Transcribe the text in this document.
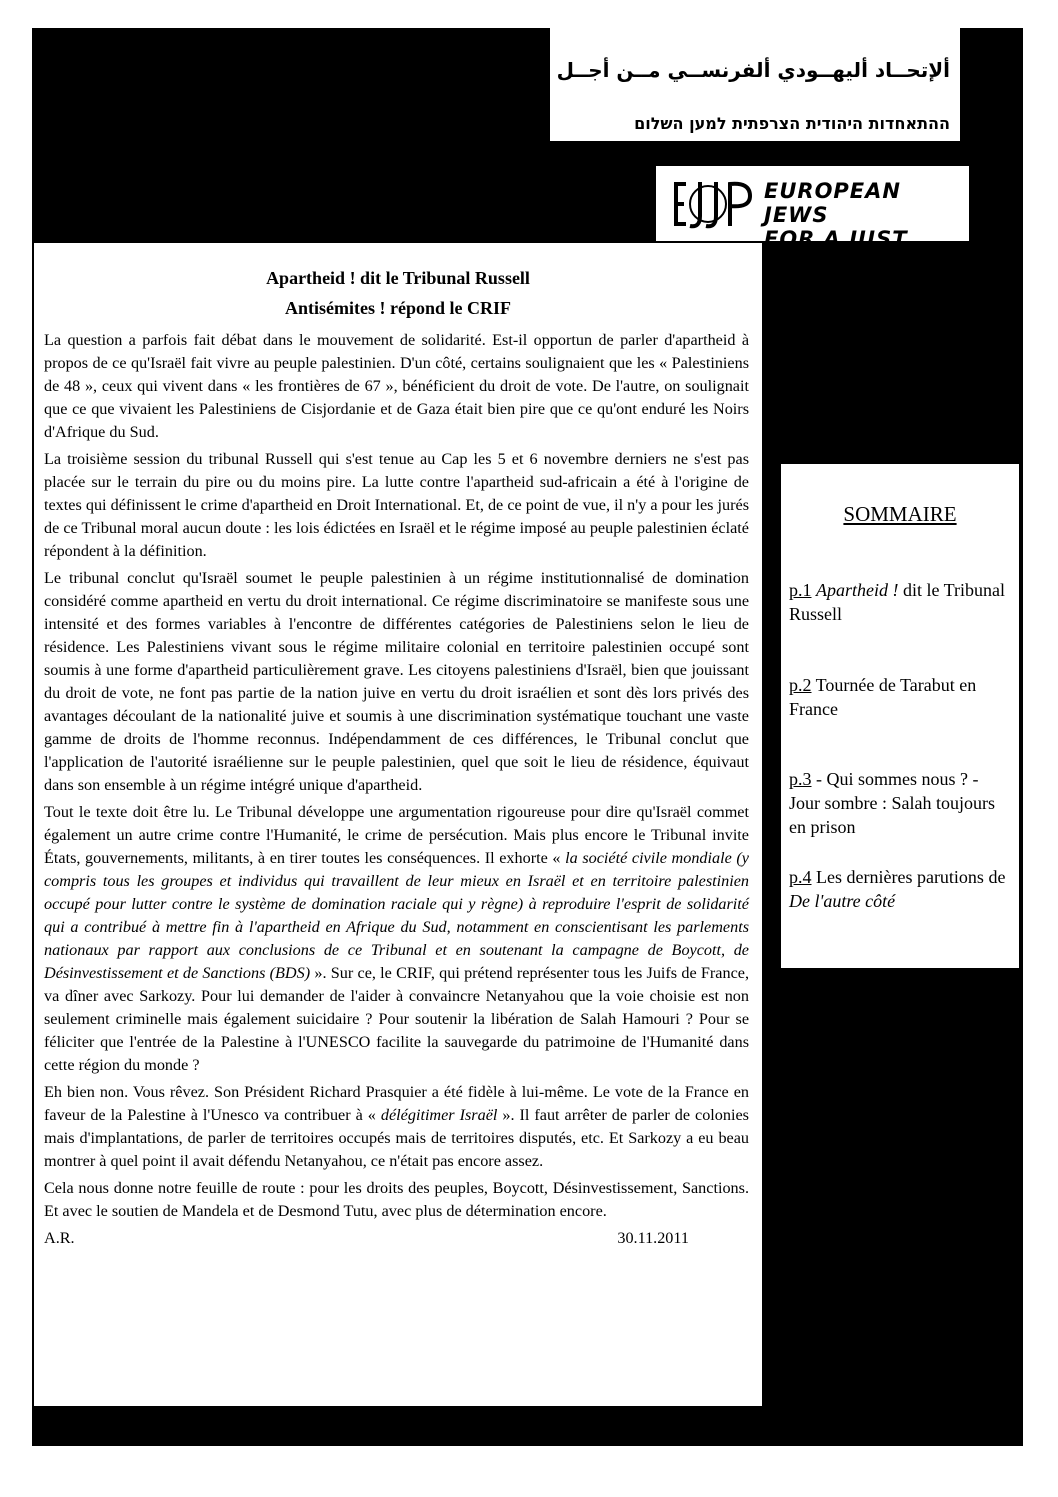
ألإتحــاد أليهــودي ألفرنســي مــن أجــل الســلام
ההתאחדות היהודית הצרפתית למען השלום
EUROPEAN JEWS
FOR A JUST PEACE
Apartheid ! dit le Tribunal Russell
Antisémites ! répond le CRIF

La question a parfois fait débat dans le mouvement de solidarité. Est-il opportun de parler d'apartheid à propos de ce qu'Israël fait vivre au peuple palestinien. D'un côté, certains soulignaient que les « Palestiniens de 48 », ceux qui vivent dans « les frontières de 67 », bénéficient du droit de vote. De l'autre, on soulignait que ce que vivaient les Palestiniens de Cisjordanie et de Gaza était bien pire que ce qu'ont enduré les Noirs d'Afrique du Sud.

La troisième session du tribunal Russell qui s'est tenue au Cap les 5 et 6 novembre derniers ne s'est pas placée sur le terrain du pire ou du moins pire. La lutte contre l'apartheid sud-africain a été à l'origine de textes qui définissent le crime d'apartheid en Droit International. Et, de ce point de vue, il n'y a pour les jurés de ce Tribunal moral aucun doute : les lois édictées en Israël et le régime imposé au peuple palestinien éclaté répondent à la définition.

Le tribunal conclut qu'Israël soumet le peuple palestinien à un régime institutionnalisé de domination considéré comme apartheid en vertu du droit international. Ce régime discriminatoire se manifeste sous une intensité et des formes variables à l'encontre de différentes catégories de Palestiniens selon le lieu de résidence. Les Palestiniens vivant sous le régime militaire colonial en territoire palestinien occupé sont soumis à une forme d'apartheid particulièrement grave. Les citoyens palestiniens d'Israël, bien que jouissant du droit de vote, ne font pas partie de la nation juive en vertu du droit israélien et sont dès lors privés des avantages découlant de la nationalité juive et soumis à une discrimination systématique touchant une vaste gamme de droits de l'homme reconnus. Indépendamment de ces différences, le Tribunal conclut que l'application de l'autorité israélienne sur le peuple palestinien, quel que soit le lieu de résidence, équivaut dans son ensemble à un régime intégré unique d'apartheid.

Tout le texte doit être lu. Le Tribunal développe une argumentation rigoureuse pour dire qu'Israël commet également un autre crime contre l'Humanité, le crime de persécution. Mais plus encore le Tribunal invite États, gouvernements, militants, à en tirer toutes les conséquences. Il exhorte « la société civile mondiale (y compris tous les groupes et individus qui travaillent de leur mieux en Israël et en territoire palestinien occupé pour lutter contre le système de domination raciale qui y règne) à reproduire l'esprit de solidarité qui a contribué à mettre fin à l'apartheid en Afrique du Sud, notamment en conscientisant les parlements nationaux par rapport aux conclusions de ce Tribunal et en soutenant la campagne de Boycott, de Désinvestissement et de Sanctions (BDS) ». Sur ce, le CRIF, qui prétend représenter tous les Juifs de France, va dîner avec Sarkozy. Pour lui demander de l'aider à convaincre Netanyahou que la voie choisie est non seulement criminelle mais également suicidaire ? Pour soutenir la libération de Salah Hamouri ? Pour se féliciter que l'entrée de la Palestine à l'UNESCO facilite la sauvegarde du patrimoine de l'Humanité dans cette région du monde ?

Eh bien non. Vous rêvez. Son Président Richard Prasquier a été fidèle à lui-même. Le vote de la France en faveur de la Palestine à l'Unesco va contribuer à « délégitimer Israël ». Il faut arrêter de parler de colonies mais d'implantations, de parler de territoires occupés mais de territoires disputés, etc. Et Sarkozy a eu beau montrer à quel point il avait défendu Netanyahou, ce n'était pas encore assez.

Cela nous donne notre feuille de route : pour les droits des peuples, Boycott, Désinvestissement, Sanctions. Et avec le soutien de Mandela et de Desmond Tutu, avec plus de détermination encore.

A.R.	30.11.2011
SOMMAIRE
p.1 Apartheid ! dit le Tribunal Russell
p.2 Tournée de Tarabut en France
p.3 - Qui sommes nous ? - Jour sombre : Salah toujours en prison
p.4 Les dernières parutions de De l'autre côté
